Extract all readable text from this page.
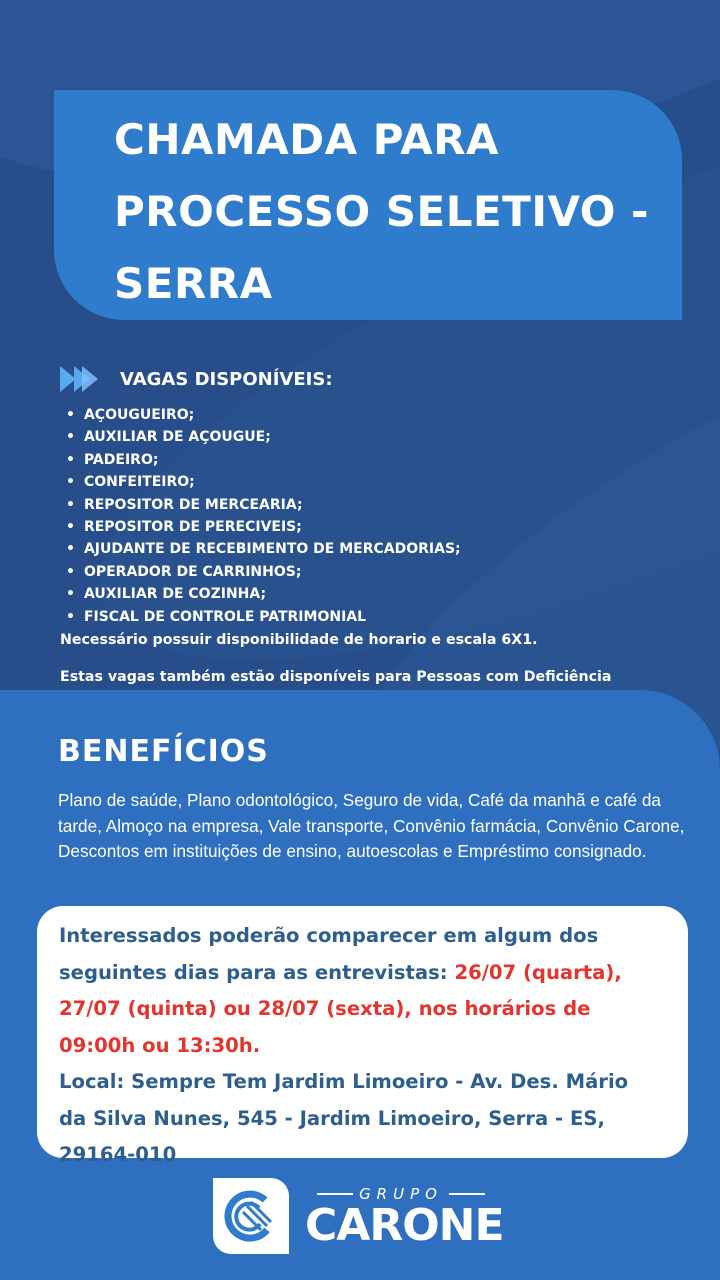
CHAMADA PARA
PROCESSO SELETIVO -
SERRA
VAGAS DISPONÍVEIS:
• AÇOUGUEIRO;
• AUXILIAR DE AÇOUGUE;
• PADEIRO;
• CONFEITEIRO;
• REPOSITOR DE MERCEARIA;
• REPOSITOR DE PERECIVEIS;
• AJUDANTE DE RECEBIMENTO DE MERCADORIAS;
• OPERADOR DE CARRINHOS;
• AUXILIAR DE COZINHA;
• FISCAL DE CONTROLE PATRIMONIAL
Necessário possuir disponibilidade de horario e escala 6X1.
Estas vagas também estão disponíveis para Pessoas com Deficiência
BENEFÍCIOS
Plano de saúde, Plano odontológico, Seguro de vida, Café da manhã e café da tarde, Almoço na empresa, Vale transporte, Convênio farmácia, Convênio Carone, Descontos em instituições de ensino, autoescolas e Empréstimo consignado.
Interessados poderão comparecer em algum dos
seguintes dias para as entrevistas: 26/07 (quarta),
27/07 (quinta) ou 28/07 (sexta), nos horários de
09:00h ou 13:30h.
Local: Sempre Tem Jardim Limoeiro - Av. Des. Mário
da Silva Nunes, 545 - Jardim Limoeiro, Serra - ES,
29164-010
GRUPO
CARONE
